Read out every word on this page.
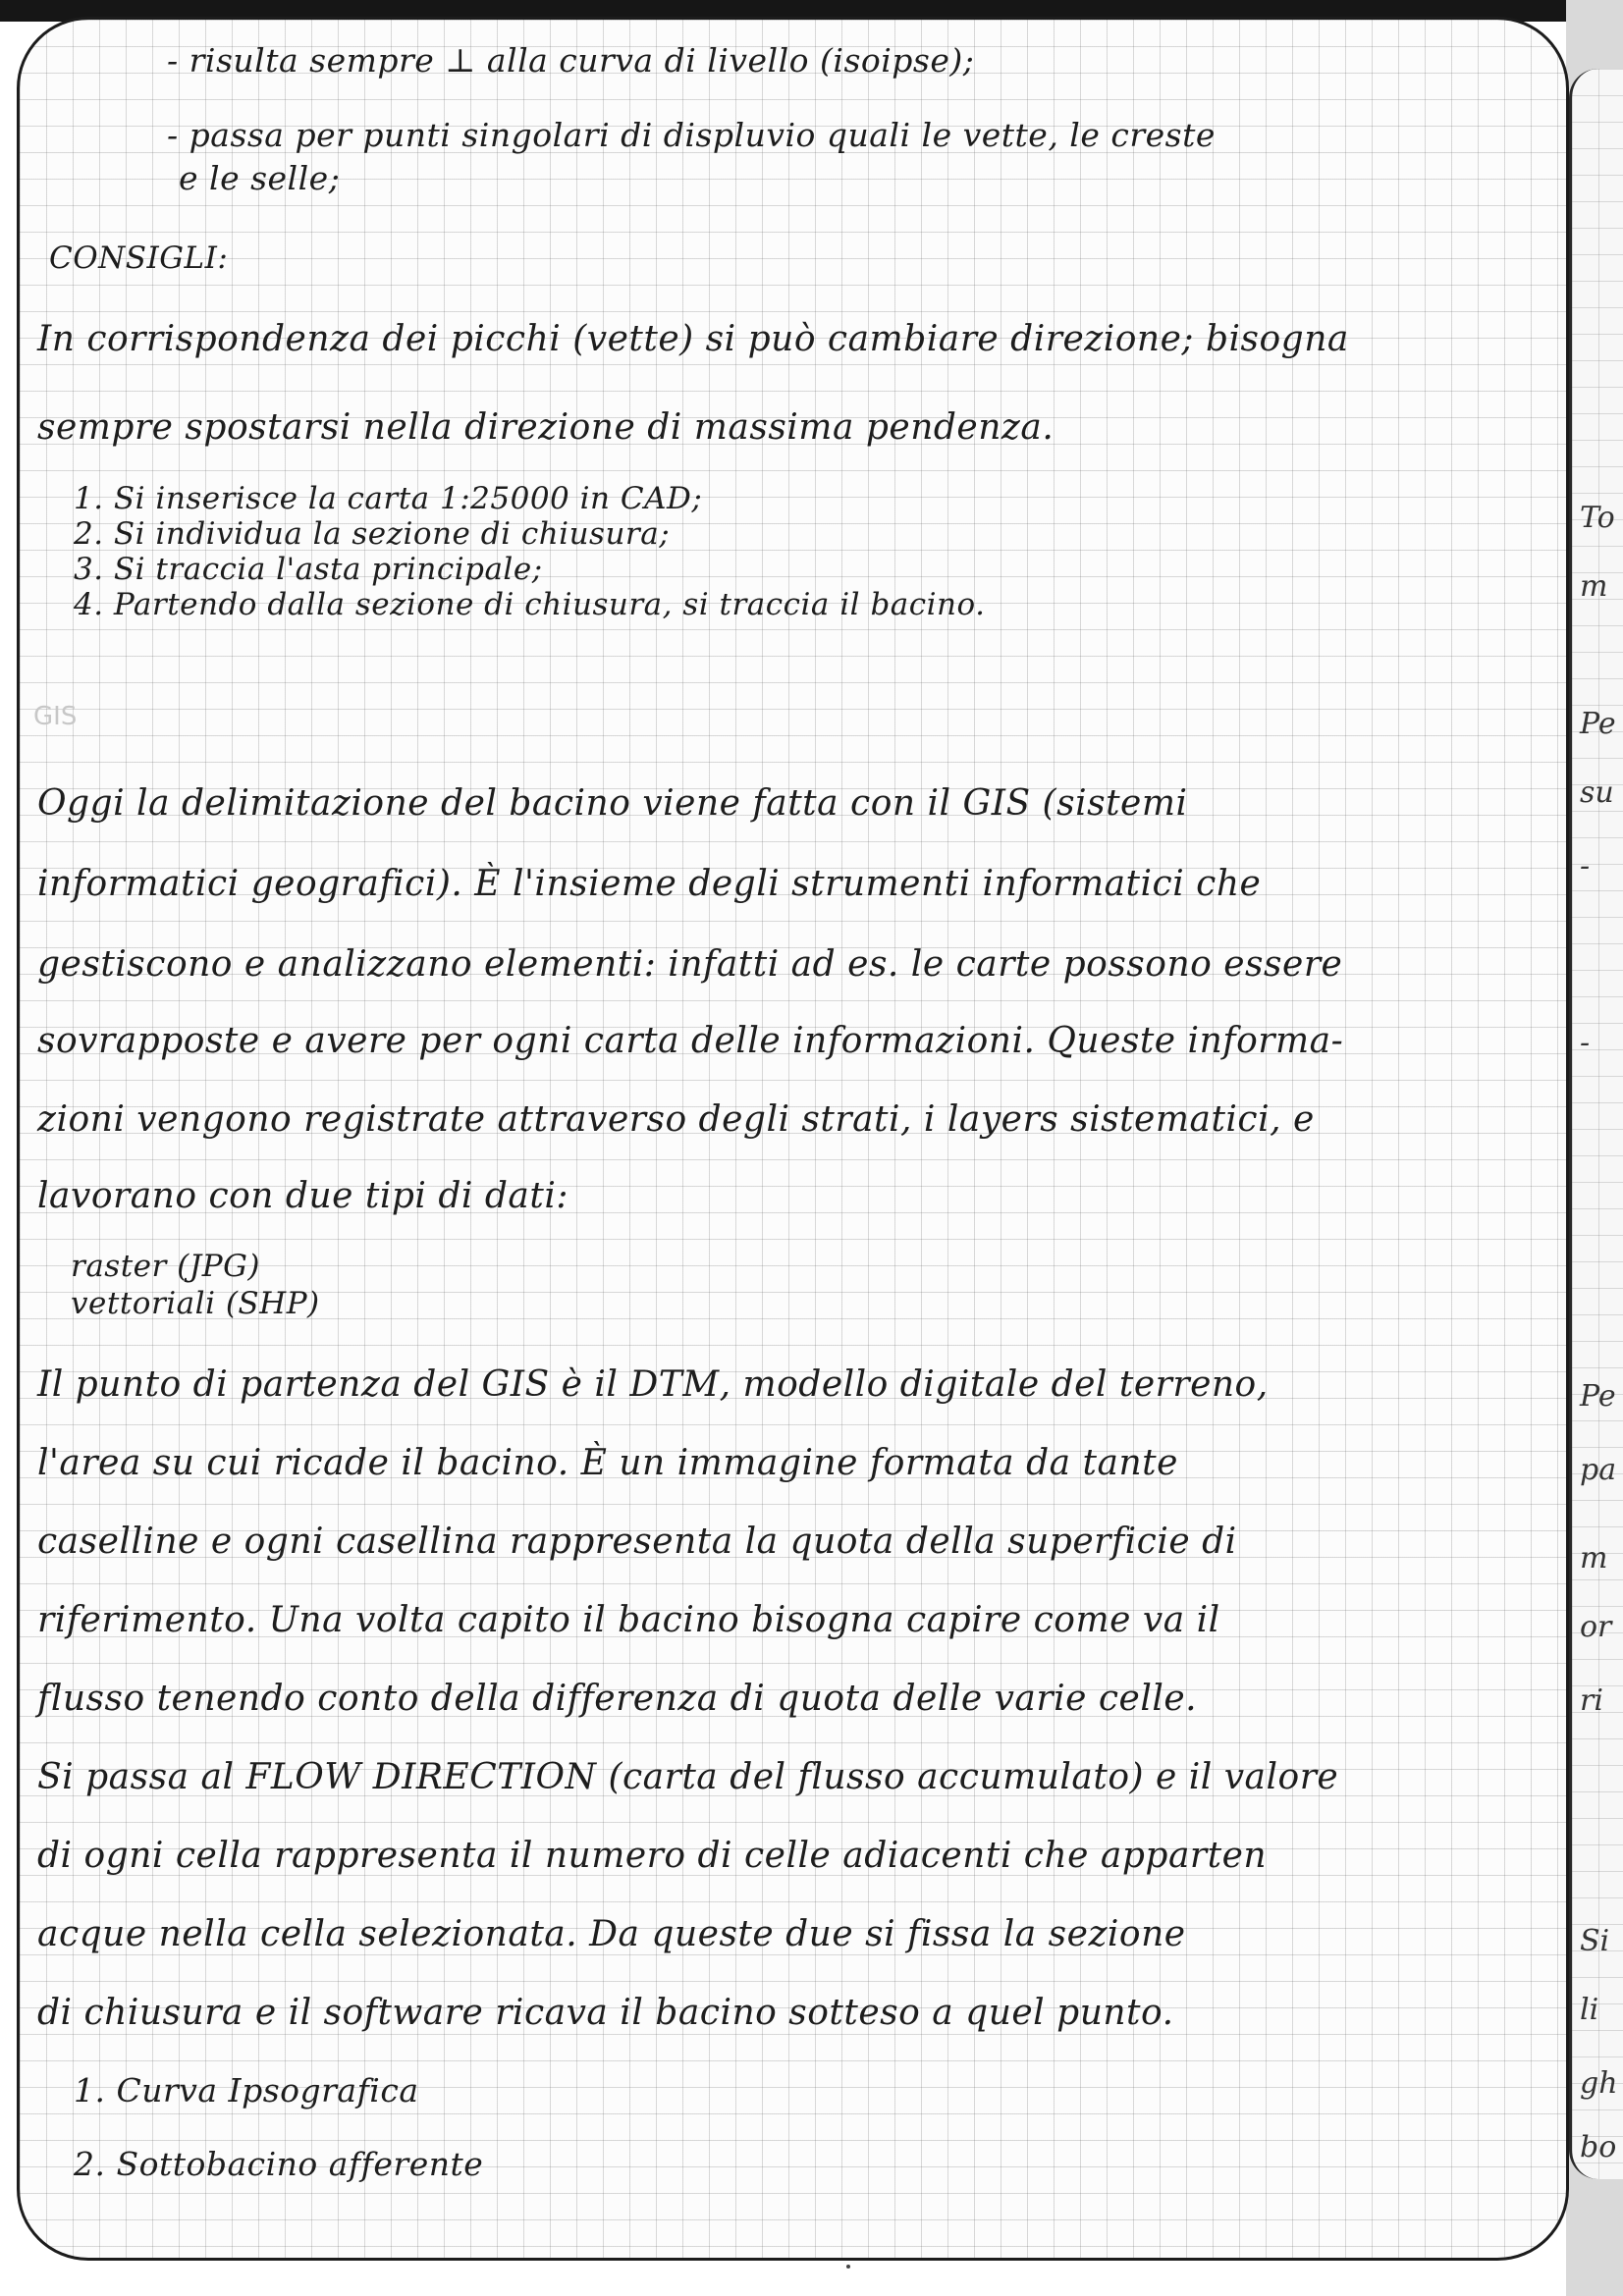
To
m
Pe
su
-
-
Pe
pa
m
or
ri
Si
li
gh
bo
- risulta sempre ⊥ alla curva di livello (isoipse);
- passa per punti singolari di displuvio quali le vette, le creste
e le selle;
CONSIGLI:
In corrispondenza dei picchi (vette) si può cambiare direzione; bisogna
sempre spostarsi nella direzione di massima pendenza.
1. Si inserisce la carta 1:25000 in CAD;
2. Si individua la sezione di chiusura;
3. Si traccia l'asta principale;
4. Partendo dalla sezione di chiusura, si traccia il bacino.
GIS
Oggi la delimitazione del bacino viene fatta con il GIS (sistemi
informatici geografici). È l'insieme degli strumenti informatici che
gestiscono e analizzano elementi: infatti ad es. le carte possono essere
sovrapposte e avere per ogni carta delle informazioni. Queste informa-
zioni vengono registrate attraverso degli strati, i layers sistematici, e
lavorano con due tipi di dati:
raster (JPG)
vettoriali (SHP)
Il punto di partenza del GIS è il DTM, modello digitale del terreno,
l'area su cui ricade il bacino. È un immagine formata da tante
caselline e ogni casellina rappresenta la quota della superficie di
riferimento. Una volta capito il bacino bisogna capire come va il
flusso tenendo conto della differenza di quota delle varie celle.
Si passa al FLOW DIRECTION (carta del flusso accumulato) e il valore
di ogni cella rappresenta il numero di celle adiacenti che apparten
acque nella cella selezionata. Da queste due si fissa la sezione
di chiusura e il software ricava il bacino sotteso a quel punto.
1. Curva Ipsografica
2. Sottobacino afferente
